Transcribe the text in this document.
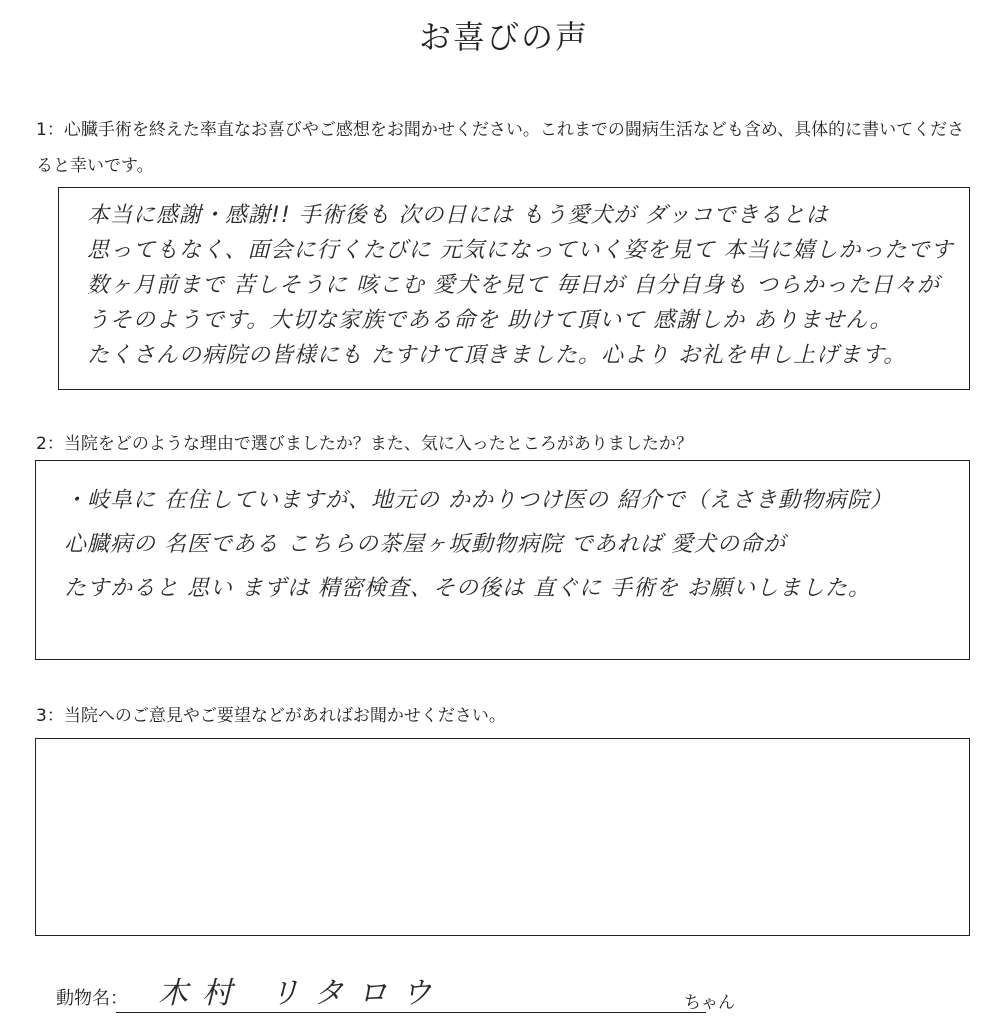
お喜びの声
1：心臓手術を終えた率直なお喜びやご感想をお聞かせください。これまでの闘病生活なども含め、具体的に書いてくださると幸いです。
本当に感謝・感謝!! 手術後も 次の日には もう愛犬が ダッコできるとは
思ってもなく、面会に行くたびに 元気になっていく姿を見て 本当に嬉しかったです
数ヶ月前まで 苦しそうに 咳こむ 愛犬を見て 毎日が 自分自身も つらかった日々が
うそのようです。大切な家族である命を 助けて頂いて 感謝しか ありません。
たくさんの病院の皆様にも たすけて頂きました。心より お礼を申し上げます。
2：当院をどのような理由で選びましたか？また、気に入ったところがありましたか？
・岐阜に 在住していますが、地元の かかりつけ医の 紹介で（えさき動物病院）
心臓病の 名医である こちらの茶屋ヶ坂動物病院 であれば 愛犬の命が
たすかると 思い まずは 精密検査、その後は 直ぐに 手術を お願いしました。
3：当院へのご意見やご要望などがあればお聞かせください。
動物名： 木村 リタロウ	ちゃん
